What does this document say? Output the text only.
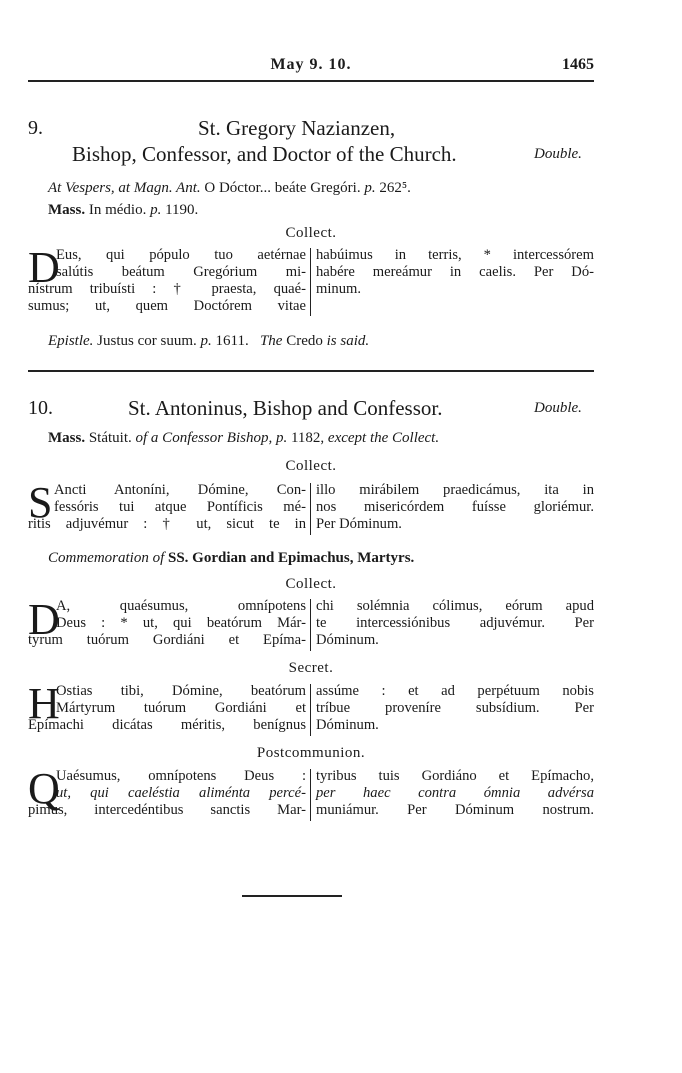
May 9. 10.	1465
9.	St. Gregory Nazianzen,
Bishop, Confessor, and Doctor of the Church.	Double.
At Vespers, at Magn. Ant. O Dóctor... beáte Gregóri. p. 262⁵.
Mass. In médio. p. 1190.
Collect.
D
Eus, qui pópulo tuo aetérnae
salútis beátum Gregórium mi-
nístrum tribuísti : † praesta, quaé-
sumus; ut, quem Doctórem vitae
habúimus in terris, * intercessórem
habére mereámur in caelis. Per Dó-
minum.
Epistle. Justus cor suum. p. 1611. The Credo is said.
10.	St. Antoninus, Bishop and Confessor.	Double.
Mass. Státuit. of a Confessor Bishop, p. 1182, except the Collect.
Collect.
S Ancti Antoníni, Dómine, Con-
fessóris tui atque Pontíficis mé-
ritis adjuvémur : † ut, sicut te in
illo mirábilem praedicámus, ita in
nos misericórdem fuísse gloriémur.
Per Dóminum.
Commemoration of SS. Gordian and Epimachus, Martyrs.
Collect.
D
A, quaésumus, omnípotens
Deus : * ut, qui beatórum Már-
tyrum tuórum Gordiáni et Epíma-
chi solémnia cólimus, eórum apud
te intercessiónibus adjuvémur. Per
Dóminum.
Secret.
H
Ostias tibi, Dómine, beatórum
Mártyrum tuórum Gordiáni et
Epímachi dicátas méritis, benígnus
assúme : et ad perpétuum nobis
tríbue proveníre subsídium. Per
Dóminum.
Postcommunion.
Q
Uaésumus, omnípotens Deus :
ut, qui caeléstia aliménta percé-
pimus, intercedéntibus sanctis Mar-
tyribus tuis Gordiáno et Epímacho,
per haec contra ómnia advérsa
muniámur. Per Dóminum nostrum.
